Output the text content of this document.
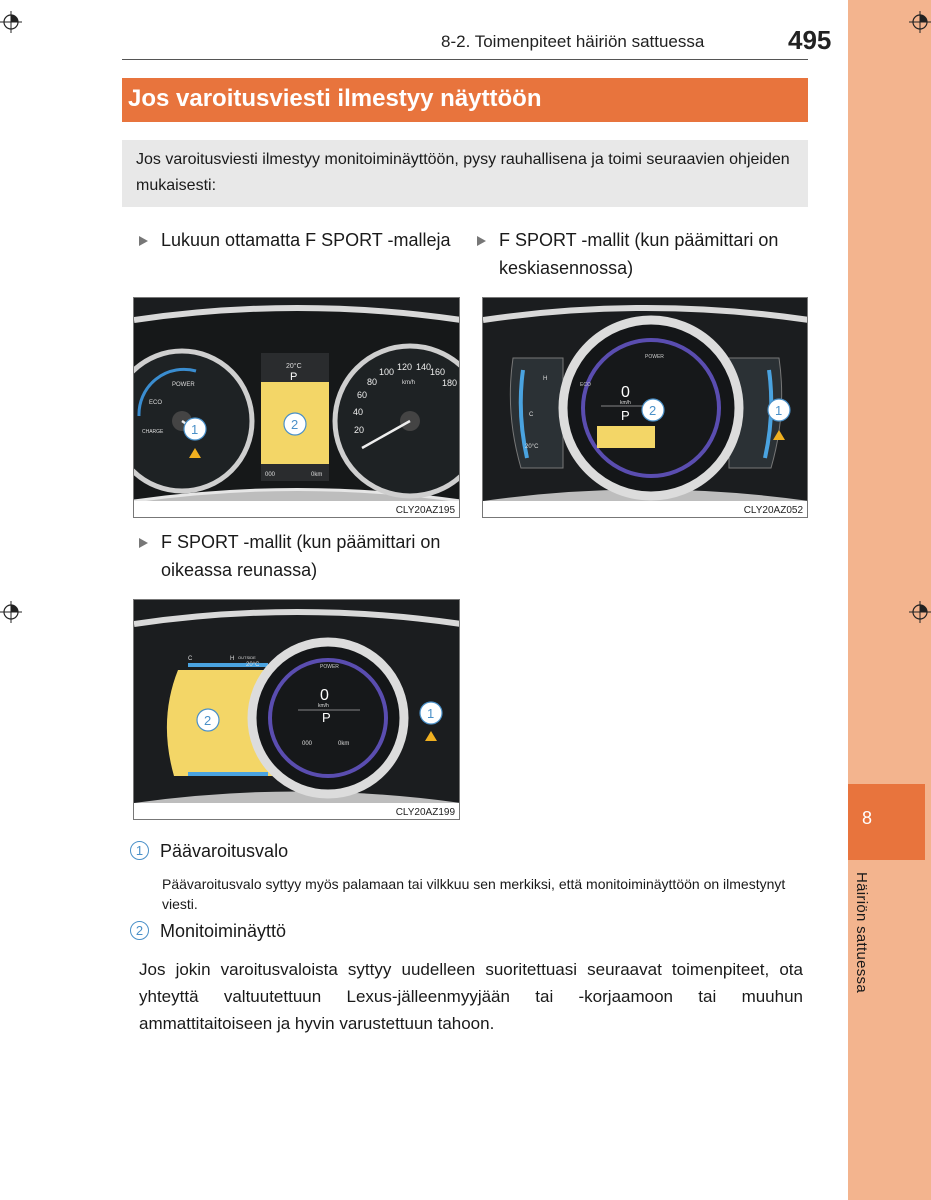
8
Häiriön sattuessa
8-2. Toimenpiteet häiriön sattuessa	495
Jos varoitusviesti ilmestyy näyttöön
Jos varoitusviesti ilmestyy monitoiminäyttöön, pysy rauhallisena ja toimi seuraavien ohjeiden mukaisesti:
Lukuun ottamatta F SPORT -malleja	F SPORT -mallit (kun päämittari on keskiasennossa)
F SPORT -mallit (kun päämittari on oikeassa reunassa)
POWER
ECO
CHARGE
20°C
P
000	0km
20
40
60
80
100 120 140
160
180
km/h
1	2
CLY20AZ195
20°C
C
H
POWER
ECO 0
km/h
P 2	1
CLY20AZ052
C	H OUTSIDE
20°C
2
POWER
0
km/h
P
000	0km
1
CLY20AZ199
1 Päävaroitusvalo
Päävaroitusvalo syttyy myös palamaan tai vilkkuu sen merkiksi, että monitoiminäyttöön on ilmestynyt viesti.
2 Monitoiminäyttö
Jos jokin varoitusvaloista syttyy uudelleen suoritettuasi seuraavat toimenpiteet, ota yhteyttä valtuutettuun Lexus-jälleenmyyjään tai -korjaamoon tai muuhun ammattitaitoiseen ja hyvin varustettuun tahoon.
